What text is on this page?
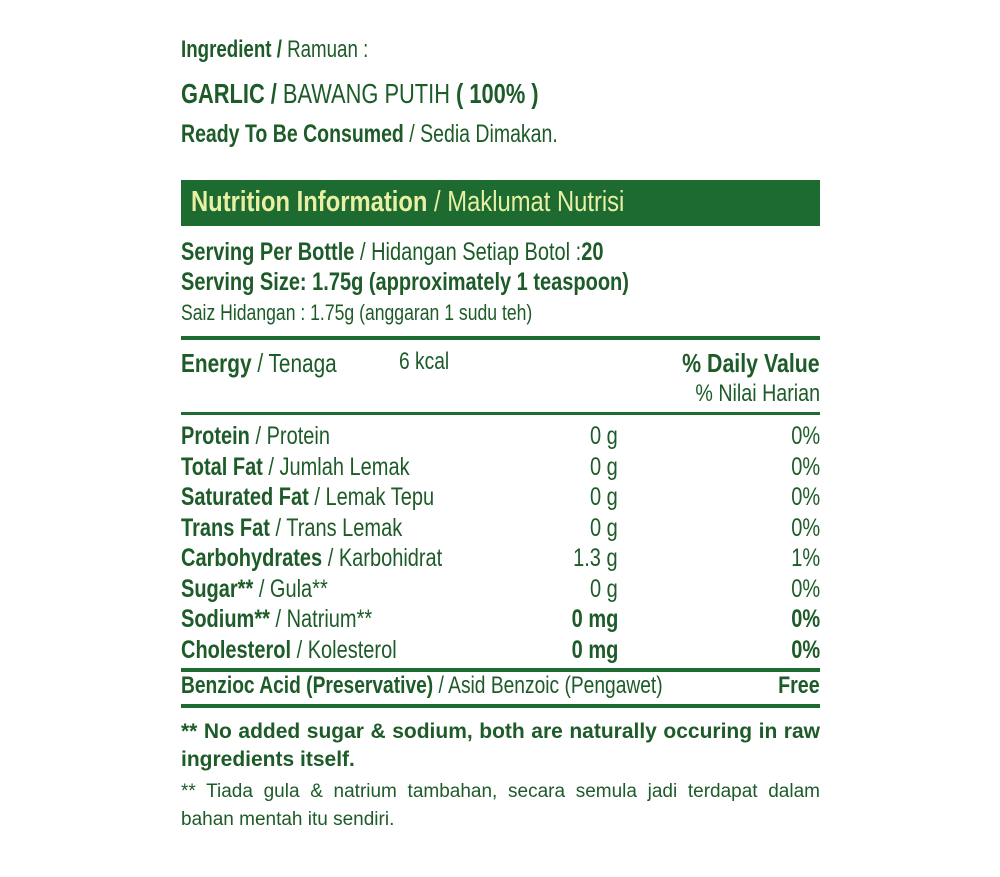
Ingredient / Ramuan :
GARLIC / BAWANG PUTIH ( 100% )
Ready To Be Consumed / Sedia Dimakan.
Nutrition Information / Maklumat Nutrisi
Serving Per Bottle / Hidangan Setiap Botol :20
Serving Size: 1.75g (approximately 1 teaspoon)
Saiz Hidangan : 1.75g (anggaran 1 sudu teh)
Energy / Tenaga	6 kcal	% Daily Value
% Nilai Harian
Protein / Protein	0 g	0%
Total Fat / Jumlah Lemak	0 g	0%
Saturated Fat / Lemak Tepu	0 g	0%
Trans Fat / Trans Lemak	0 g	0%
Carbohydrates / Karbohidrat	1.3 g	1%
Sugar** / Gula**	0 g	0%
Sodium** / Natrium**	0 mg	0%
Cholesterol / Kolesterol	0 mg	0%
Benzioc Acid (Preservative) / Asid Benzoic (Pengawet)	Free
** No added sugar & sodium, both are naturally occuring in raw ingredients itself.
** Tiada gula & natrium tambahan, secara semula jadi terdapat dalam bahan mentah itu sendiri.
